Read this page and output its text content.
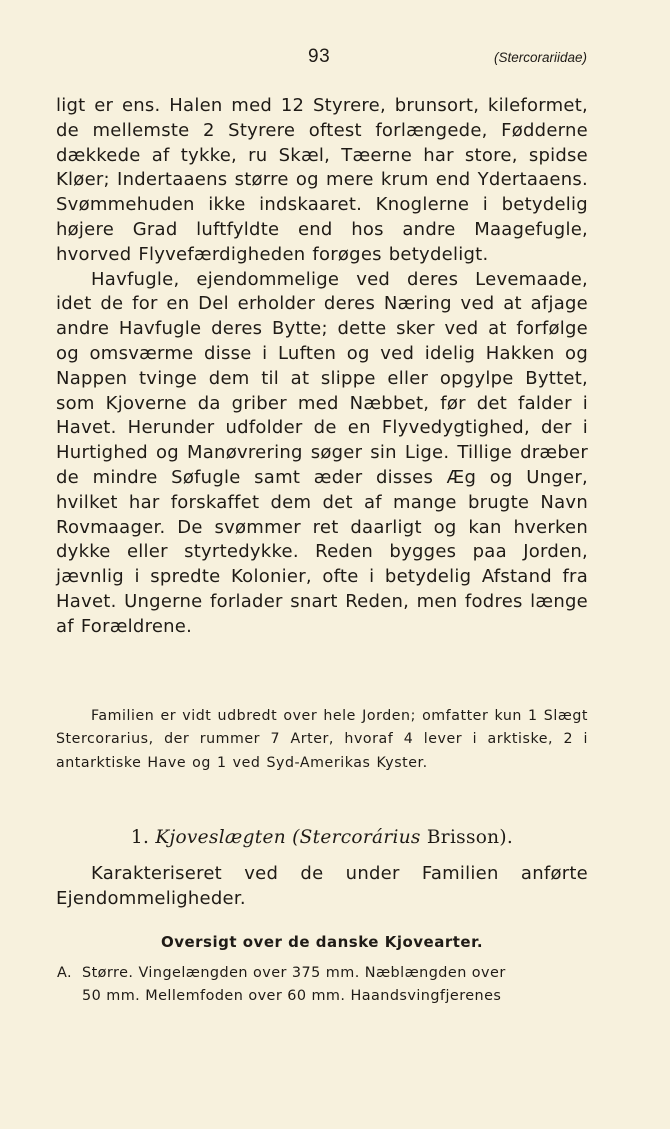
93	(Stercorariidae)

ligt er ens. Halen med 12 Styrere, brunsort, kileformet, de mellemste 2 Styrere oftest forlængede, Fødderne dækkede af tykke, ru Skæl, Tæerne har store, spidse Kløer; Indertaaens større og mere krum end Ydertaaens. Svømmehuden ikke indskaaret. Knoglerne i betydelig højere Grad luftfyldte end hos andre Maagefugle, hvorved Flyvefærdigheden forøges betydeligt.

Havfugle, ejendommelige ved deres Levemaade, idet de for en Del erholder deres Næring ved at afjage andre Havfugle deres Bytte; dette sker ved at forfølge og omsværme disse i Luften og ved idelig Hakken og Nappen tvinge dem til at slippe eller opgylpe Byttet, som Kjoverne da griber med Næbbet, før det falder i Havet. Herunder udfolder de en Flyvedygtighed, der i Hurtighed og Manøvrering søger sin Lige. Tillige dræber de mindre Søfugle samt æder disses Æg og Unger, hvilket har forskaffet dem det af mange brugte Navn Rovmaager. De svømmer ret daarligt og kan hverken dykke eller styrtedykke. Reden bygges paa Jorden, jævnlig i spredte Kolonier, ofte i betydelig Afstand fra Havet. Ungerne forlader snart Reden, men fodres længe af Forældrene.

Familien er vidt udbredt over hele Jorden; omfatter kun 1 Slægt Stercorarius, der rummer 7 Arter, hvoraf 4 lever i arktiske, 2 i antarktiske Have og 1 ved Syd-Amerikas Kyster.
1. Kjoveslægten (Stercorárius Brisson).
Karakteriseret ved de under Familien anførte Ejendommeligheder.
Oversigt over de danske Kjovearter.
A. Større. Vingelængden over 375 mm. Næblængden over
50 mm. Mellemfoden over 60 mm. Haandsvingfjerenes
